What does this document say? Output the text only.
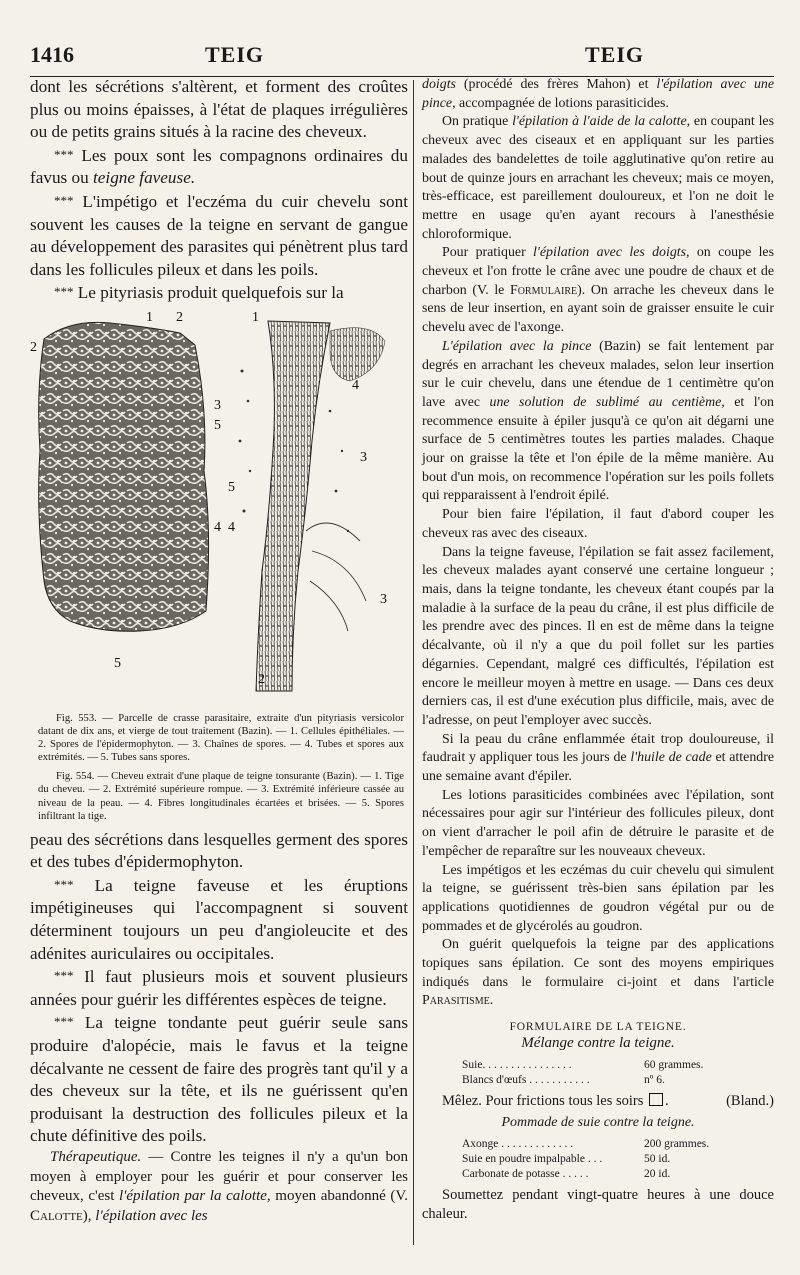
1416	TEIG	TEIG

dont les sécrétions s'altèrent, et forment des croûtes plus ou moins épaisses, à l'état de plaques irrégulières ou de petits grains situés à la racine des cheveux.

*** Les poux sont les compagnons ordinaires du favus ou teigne faveuse.

*** L'impétigo et l'eczéma du cuir chevelu sont souvent les causes de la teigne en servant de gangue au développement des parasites qui pénètrent plus tard dans les follicules pileux et dans les poils.

*** Le pityriasis produit quelquefois sur la

1 2
2
3
5
4
5
1
4
3
5
4
3
2

Fig. 553. — Parcelle de crasse parasitaire, extraite d'un pityriasis versicolor datant de dix ans, et vierge de tout traitement (Bazin). — 1. Cellules épithéliales. — 2. Spores de l'épidermophyton. — 3. Chaînes de spores. — 4. Tubes et spores aux extrémités. — 5. Tubes sans spores.

Fig. 554. — Cheveu extrait d'une plaque de teigne tonsurante (Bazin). — 1. Tige du cheveu. — 2. Extrémité supérieure rompue. — 3. Extrémité inférieure cassée au niveau de la peau. — 4. Fibres longitudinales écartées et brisées. — 5. Spores infiltrant la tige.

peau des sécrétions dans lesquelles germent des spores et des tubes d'épidermophyton.

*** La teigne faveuse et les éruptions impétigineuses qui l'accompagnent si souvent déterminent toujours un peu d'angioleucite et des adénites auriculaires ou occipitales.

*** Il faut plusieurs mois et souvent plusieurs années pour guérir les différentes espèces de teigne.

*** La teigne tondante peut guérir seule sans produire d'alopécie, mais le favus et la teigne décalvante ne cessent de faire des progrès tant qu'il y a des cheveux sur la tête, et ils ne guérissent qu'en produisant la destruction des follicules pileux et la chute définitive des poils.

Thérapeutique. — Contre les teignes il n'y a qu'un bon moyen à employer pour les guérir et pour conserver les cheveux, c'est l'épilation par la calotte, moyen abandonné (V. Calotte), l'épilation avec les

doigts (procédé des frères Mahon) et l'épilation avec une pince, accompagnée de lotions parasiticides.

On pratique l'épilation à l'aide de la calotte, en coupant les cheveux avec des ciseaux et en appliquant sur les parties malades des bandelettes de toile agglutinative qu'on retire au bout de quinze jours en arrachant les cheveux; mais ce moyen, très-efficace, est pareillement douloureux, et l'on ne doit le mettre en usage qu'en ayant recours à l'anesthésie chloroformique.

Pour pratiquer l'épilation avec les doigts, on coupe les cheveux et l'on frotte le crâne avec une poudre de chaux et de charbon (V. le Formulaire). On arrache les cheveux dans le sens de leur insertion, en ayant soin de graisser ensuite le cuir chevelu avec de l'axonge.

L'épilation avec la pince (Bazin) se fait lentement par degrés en arrachant les cheveux malades, selon leur insertion sur le cuir chevelu, dans une étendue de 1 centimètre qu'on lave avec une solution de sublimé au centième, et l'on recommence ensuite à épiler jusqu'à ce qu'on ait dégarni une surface de 5 centimètres toutes les parties malades. Chaque jour on graisse la tête et l'on épile de la même manière. Au bout d'un mois, on recommence l'opération sur les poils follets qui repparaissent à l'endroit épilé.

Pour bien faire l'épilation, il faut d'abord couper les cheveux ras avec des ciseaux.

Dans la teigne faveuse, l'épilation se fait assez facilement, les cheveux malades ayant conservé une certaine longueur ; mais, dans la teigne tondante, les cheveux étant coupés par la maladie à la surface de la peau du crâne, il est plus difficile de les prendre avec des pinces. Il en est de même dans la teigne décalvante, où il n'y a que du poil follet sur les parties dégarnies. Cependant, malgré ces difficultés, l'épilation est encore le meilleur moyen à mettre en usage. — Dans ces deux derniers cas, il est d'une exécution plus difficile, mais, avec de l'adresse, on peut l'employer avec succès.

Si la peau du crâne enflammée était trop douloureuse, il faudrait y appliquer tous les jours de l'huile de cade et attendre une semaine avant d'épiler.

Les lotions parasiticides combinées avec l'épilation, sont nécessaires pour agir sur l'intérieur des follicules pileux, dont on vient d'arracher le poil afin de détruire le parasite et de l'empêcher de reparaître sur les nouveaux cheveux.

Les impétigos et les eczémas du cuir chevelu qui simulent la teigne, se guérissent très-bien sans épilation par les applications quotidiennes de goudron végétal pur ou de pommades et de glycérolés au goudron.

On guérit quelquefois la teigne par des applications topiques sans épilation. Ce sont des moyens empiriques indiqués dans le formulaire ci-joint et dans l'article Parasitisme.

FORMULAIRE DE LA TEIGNE.
Mélange contre la teigne.
Suie. . . . . . . . . . . . . . . .	60 grammes.
Blancs d'œufs . . . . . . . . . . .	nº 6.

Mêlez. Pour frictions tous les soirs .	(Bland.)

Pommade de suie contre la teigne.
Axonge . . . . . . . . . . . . .	200 grammes.
Suie en poudre impalpable . . .	50 id.
Carbonate de potasse . . . . .	20 id.

Soumettez pendant vingt-quatre heures à une douce chaleur.
